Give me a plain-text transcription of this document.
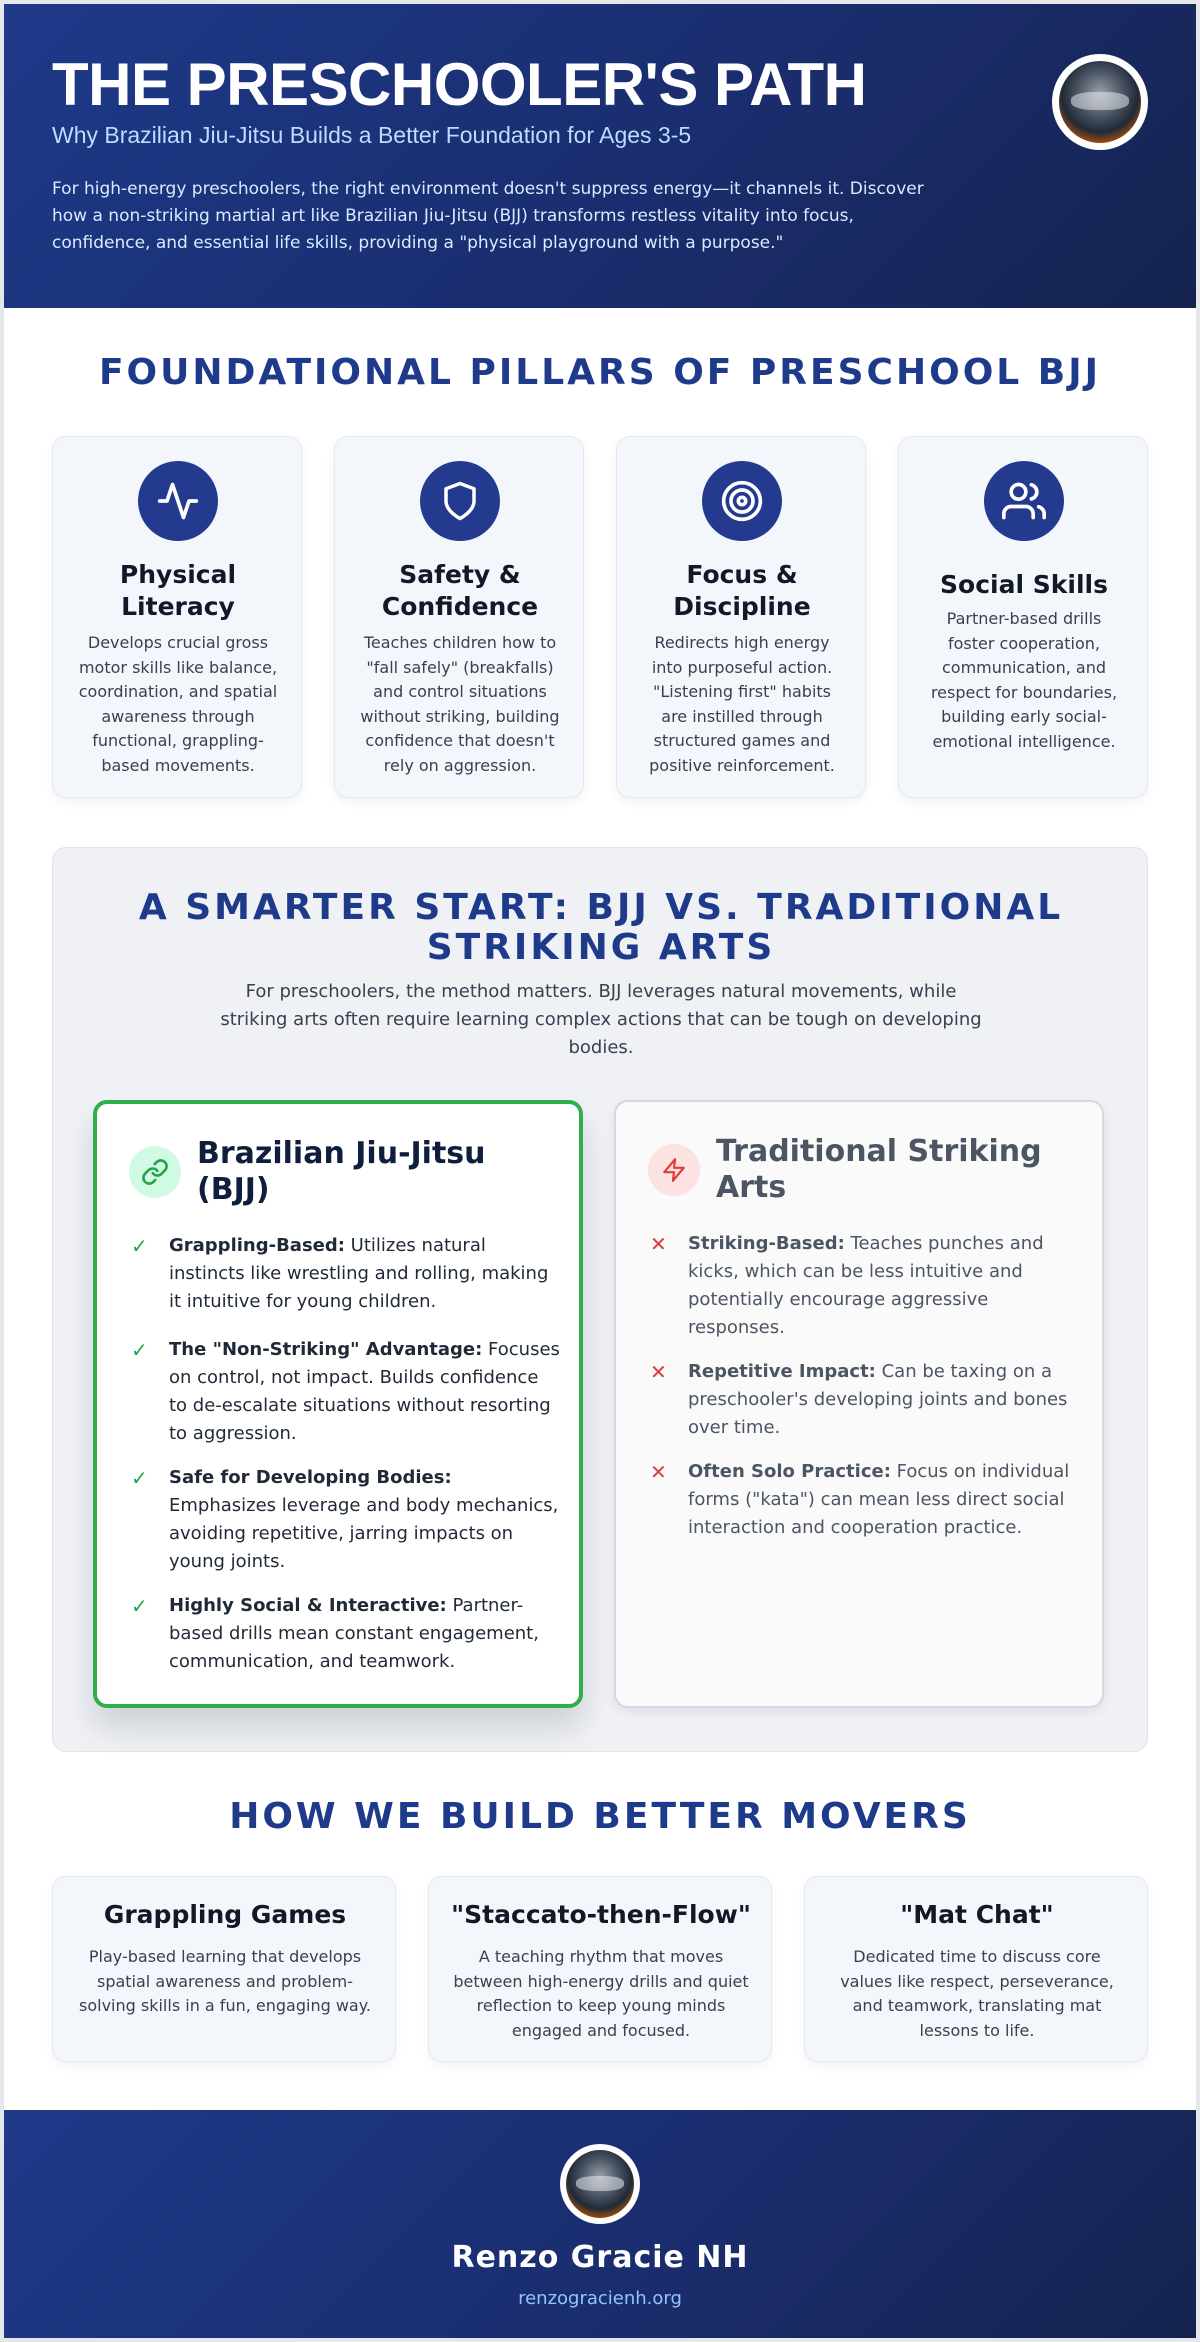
THE PRESCHOOLER'S PATH
Why Brazilian Jiu-Jitsu Builds a Better Foundation for Ages 3-5

For high-energy preschoolers, the right environment doesn't suppress energy—it channels it. Discover how a non-striking martial art like Brazilian Jiu-Jitsu (BJJ) transforms restless vitality into focus, confidence, and essential life skills, providing a "physical playground with a purpose."

FOUNDATIONAL PILLARS OF PRESCHOOL BJJ
Physical Literacy

Develops crucial gross motor skills like balance, coordination, and spatial awareness through functional, grappling-based movements.

Safety & Confidence

Teaches children how to "fall safely" (breakfalls) and control situations without striking, building confidence that doesn't rely on aggression.

Focus & Discipline

Redirects high energy into purposeful action. "Listening first" habits are instilled through structured games and positive reinforcement.

Social Skills

Partner-based drills foster cooperation, communication, and respect for boundaries, building early social-emotional intelligence.

A SMARTER START: BJJ VS. TRADITIONAL STRIKING ARTS

For preschoolers, the method matters. BJJ leverages natural movements, while striking arts often require learning complex actions that can be tough on developing bodies.

Brazilian Jiu-Jitsu (BJJ)
✓ Grappling-Based: Utilizes natural instincts like wrestling and rolling, making it intuitive for young children.
✓ The "Non-Striking" Advantage: Focuses on control, not impact. Builds confidence to de-escalate situations without resorting to aggression.
✓ Safe for Developing Bodies: Emphasizes leverage and body mechanics, avoiding repetitive, jarring impacts on young joints.
✓ Highly Social & Interactive: Partner-based drills mean constant engagement, communication, and teamwork.
Traditional Striking Arts
✕ Striking-Based: Teaches punches and kicks, which can be less intuitive and potentially encourage aggressive responses.
✕ Repetitive Impact: Can be taxing on a preschooler's developing joints and bones over time.
✕ Often Solo Practice: Focus on individual forms ("kata") can mean less direct social interaction and cooperation practice.
HOW WE BUILD BETTER MOVERS
Grappling Games

Play-based learning that develops spatial awareness and problem-solving skills in a fun, engaging way.

"Staccato-then-Flow"

A teaching rhythm that moves between high-energy drills and quiet reflection to keep young minds engaged and focused.

"Mat Chat"

Dedicated time to discuss core values like respect, perseverance, and teamwork, translating mat lessons to life.

Renzo Gracie NH
renzogracienh.org
